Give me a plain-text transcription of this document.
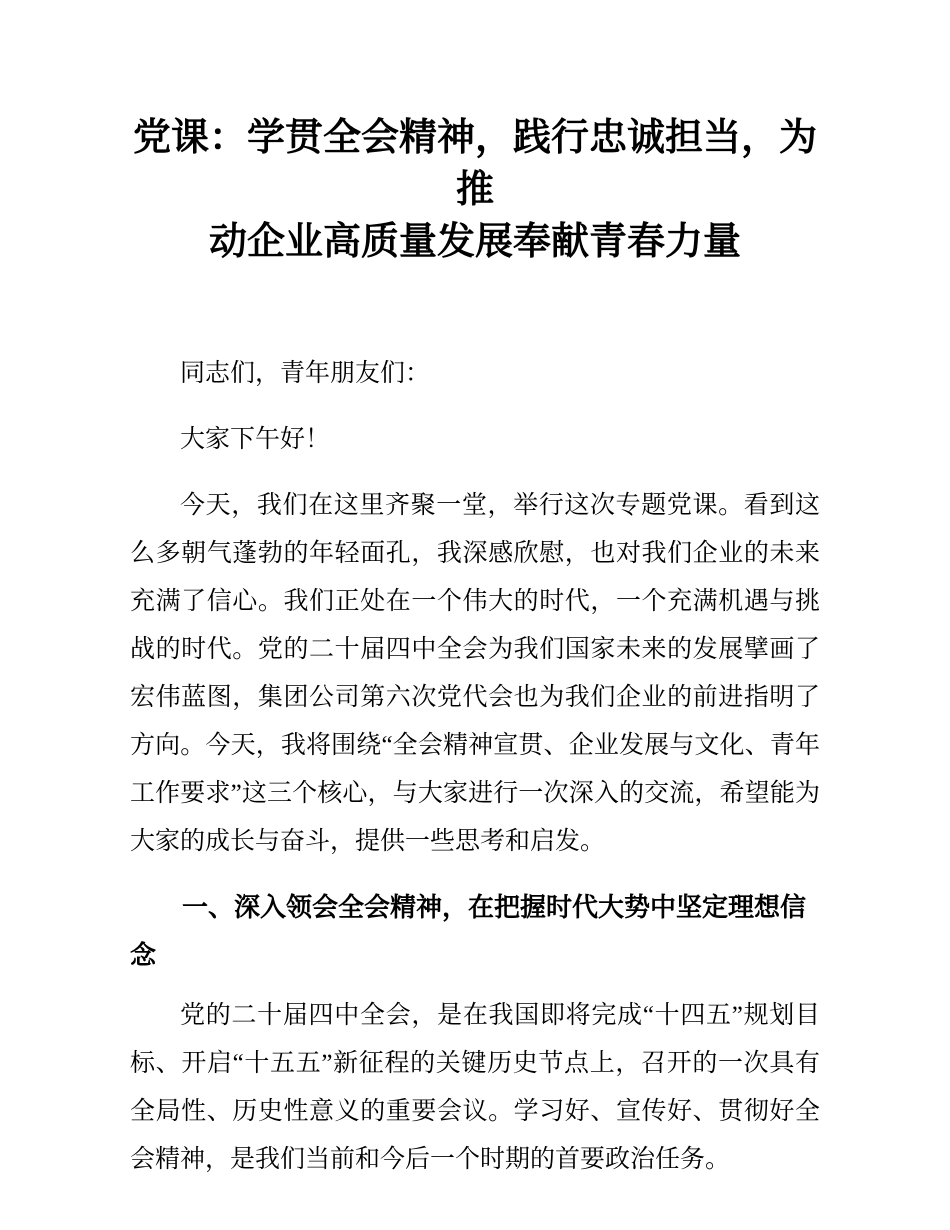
党课：学贯全会精神，践行忠诚担当，为推
动企业高质量发展奉献青春力量

同志们，青年朋友们：

大家下午好！

今天，我们在这里齐聚一堂，举行这次专题党课。看到这么多朝气蓬勃的年轻面孔，我深感欣慰，也对我们企业的未来充满了信心。我们正处在一个伟大的时代，一个充满机遇与挑战的时代。党的二十届四中全会为我们国家未来的发展擘画了宏伟蓝图，集团公司第六次党代会也为我们企业的前进指明了方向。今天，我将围绕“全会精神宣贯、企业发展与文化、青年工作要求”这三个核心，与大家进行一次深入的交流，希望能为大家的成长与奋斗，提供一些思考和启发。

一、深入领会全会精神，在把握时代大势中坚定理想信念

党的二十届四中全会，是在我国即将完成“十四五”规划目标、开启“十五五”新征程的关键历史节点上，召开的一次具有全局性、历史性意义的重要会议。学习好、宣传好、贯彻好全会精神，是我们当前和今后一个时期的首要政治任务。
